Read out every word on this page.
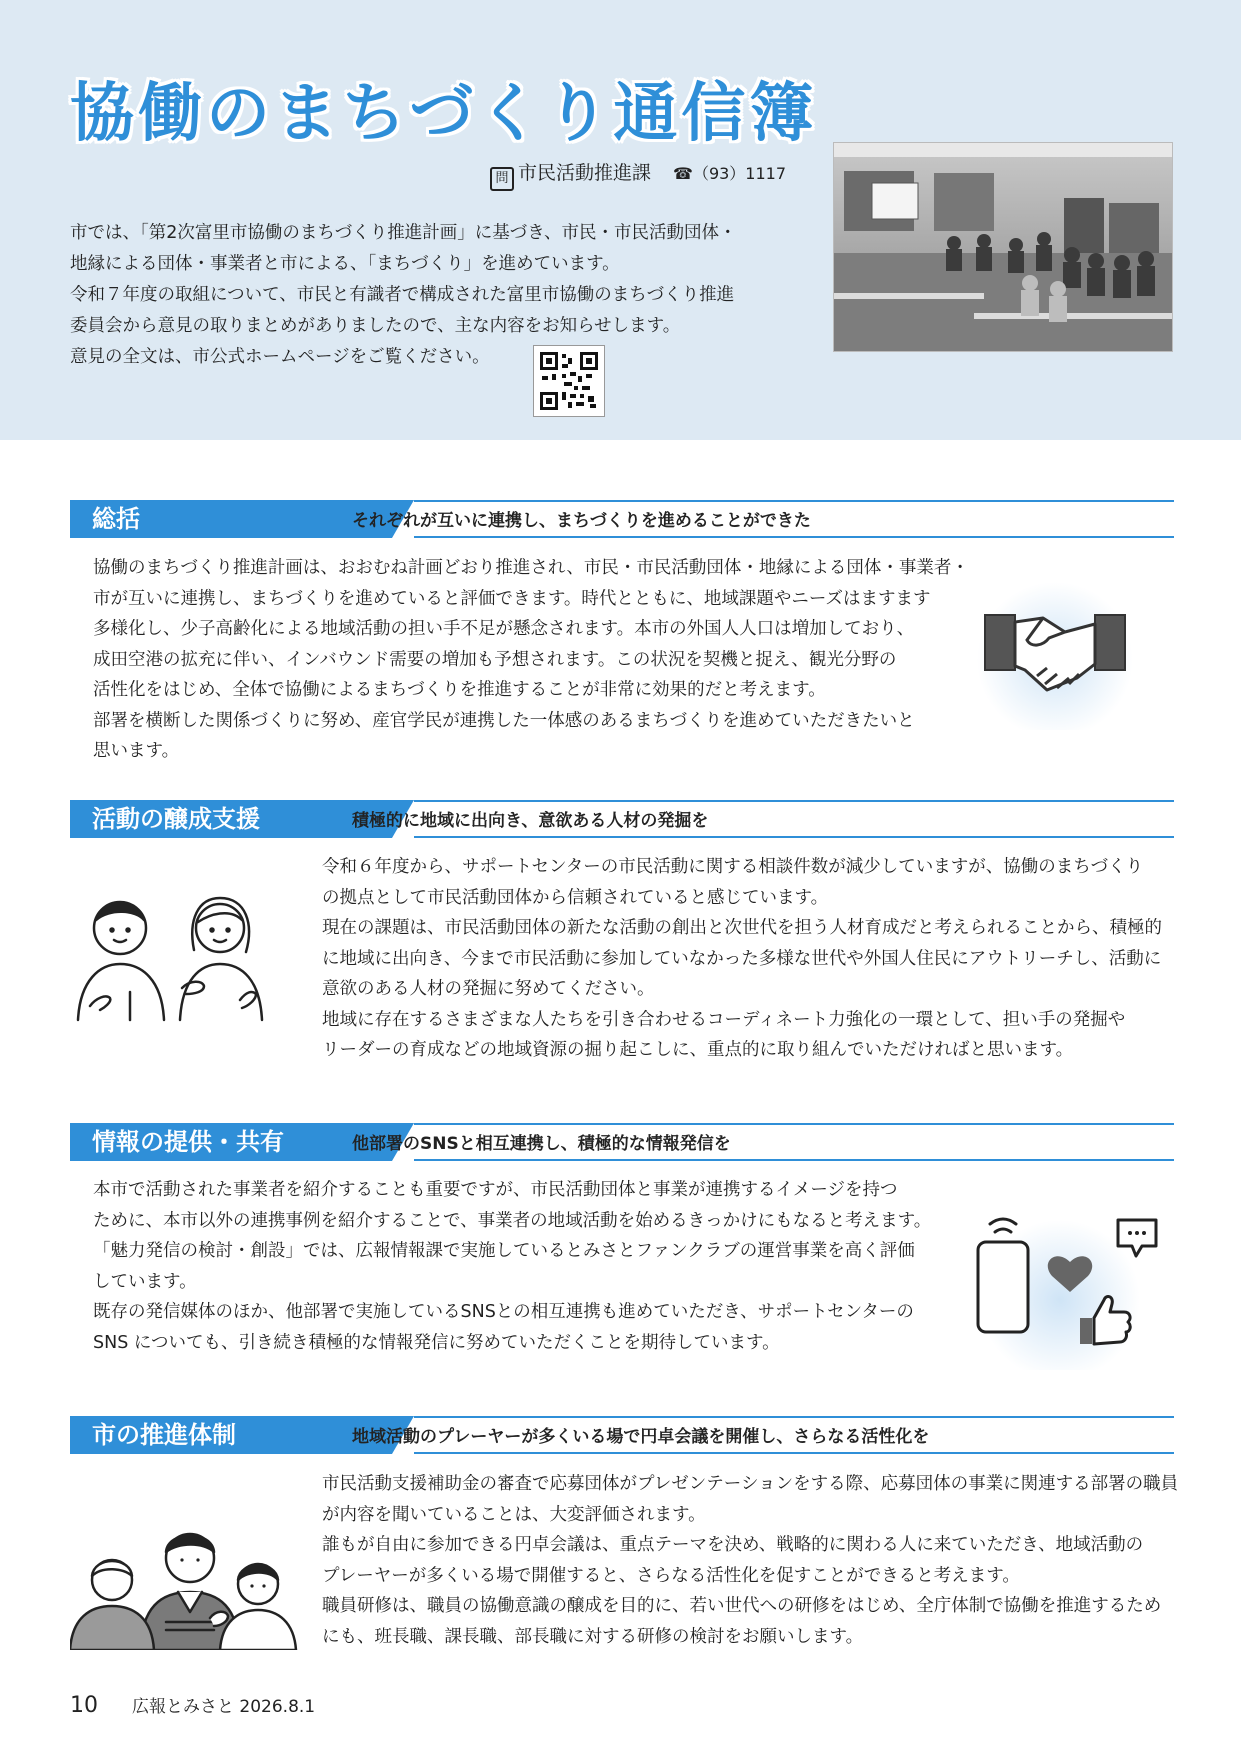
協働のまちづくり通信簿
問 市民活動推進課 ☎（93）1117

市では、「第2次富里市協働のまちづくり推進計画」に基づき、市民・市民活動団体・

地縁による団体・事業者と市による、「まちづくり」を進めています。

令和７年度の取組について、市民と有識者で構成された富里市協働のまちづくり推進

委員会から意見の取りまとめがありましたので、主な内容をお知らせします。

意見の全文は、市公式ホームページをご覧ください。

総括	それぞれが互いに連携し、まちづくりを進めることができた

協働のまちづくり推進計画は、おおむね計画どおり推進され、市民・市民活動団体・地縁による団体・事業者・

市が互いに連携し、まちづくりを進めていると評価できます。時代とともに、地域課題やニーズはますます

多様化し、少子高齢化による地域活動の担い手不足が懸念されます。本市の外国人人口は増加しており、

成田空港の拡充に伴い、インバウンド需要の増加も予想されます。この状況を契機と捉え、観光分野の

活性化をはじめ、全体で協働によるまちづくりを推進することが非常に効果的だと考えます。

部署を横断した関係づくりに努め、産官学民が連携した一体感のあるまちづくりを進めていただきたいと

思います。

活動の醸成支援	積極的に地域に出向き、意欲ある人材の発掘を

令和６年度から、サポートセンターの市民活動に関する相談件数が減少していますが、協働のまちづくり

の拠点として市民活動団体から信頼されていると感じています。

現在の課題は、市民活動団体の新たな活動の創出と次世代を担う人材育成だと考えられることから、積極的

に地域に出向き、今まで市民活動に参加していなかった多様な世代や外国人住民にアウトリーチし、活動に

意欲のある人材の発掘に努めてください。

地域に存在するさまざまな人たちを引き合わせるコーディネート力強化の一環として、担い手の発掘や

リーダーの育成などの地域資源の掘り起こしに、重点的に取り組んでいただければと思います。

情報の提供・共有	他部署のSNSと相互連携し、積極的な情報発信を

本市で活動された事業者を紹介することも重要ですが、市民活動団体と事業が連携するイメージを持つ

ために、本市以外の連携事例を紹介することで、事業者の地域活動を始めるきっかけにもなると考えます。

「魅力発信の検討・創設」では、広報情報課で実施しているとみさとファンクラブの運営事業を高く評価

しています。

既存の発信媒体のほか、他部署で実施しているSNSとの相互連携も進めていただき、サポートセンターの

SNS についても、引き続き積極的な情報発信に努めていただくことを期待しています。

市の推進体制	地域活動のプレーヤーが多くいる場で円卓会議を開催し、さらなる活性化を

市民活動支援補助金の審査で応募団体がプレゼンテーションをする際、応募団体の事業に関連する部署の職員

が内容を聞いていることは、大変評価されます。

誰もが自由に参加できる円卓会議は、重点テーマを決め、戦略的に関わる人に来ていただき、地域活動の

プレーヤーが多くいる場で開催すると、さらなる活性化を促すことができると考えます。

職員研修は、職員の協働意識の醸成を目的に、若い世代への研修をはじめ、全庁体制で協働を推進するため

にも、班長職、課長職、部長職に対する研修の検討をお願いします。

10 広報とみさと 2026.8.1
